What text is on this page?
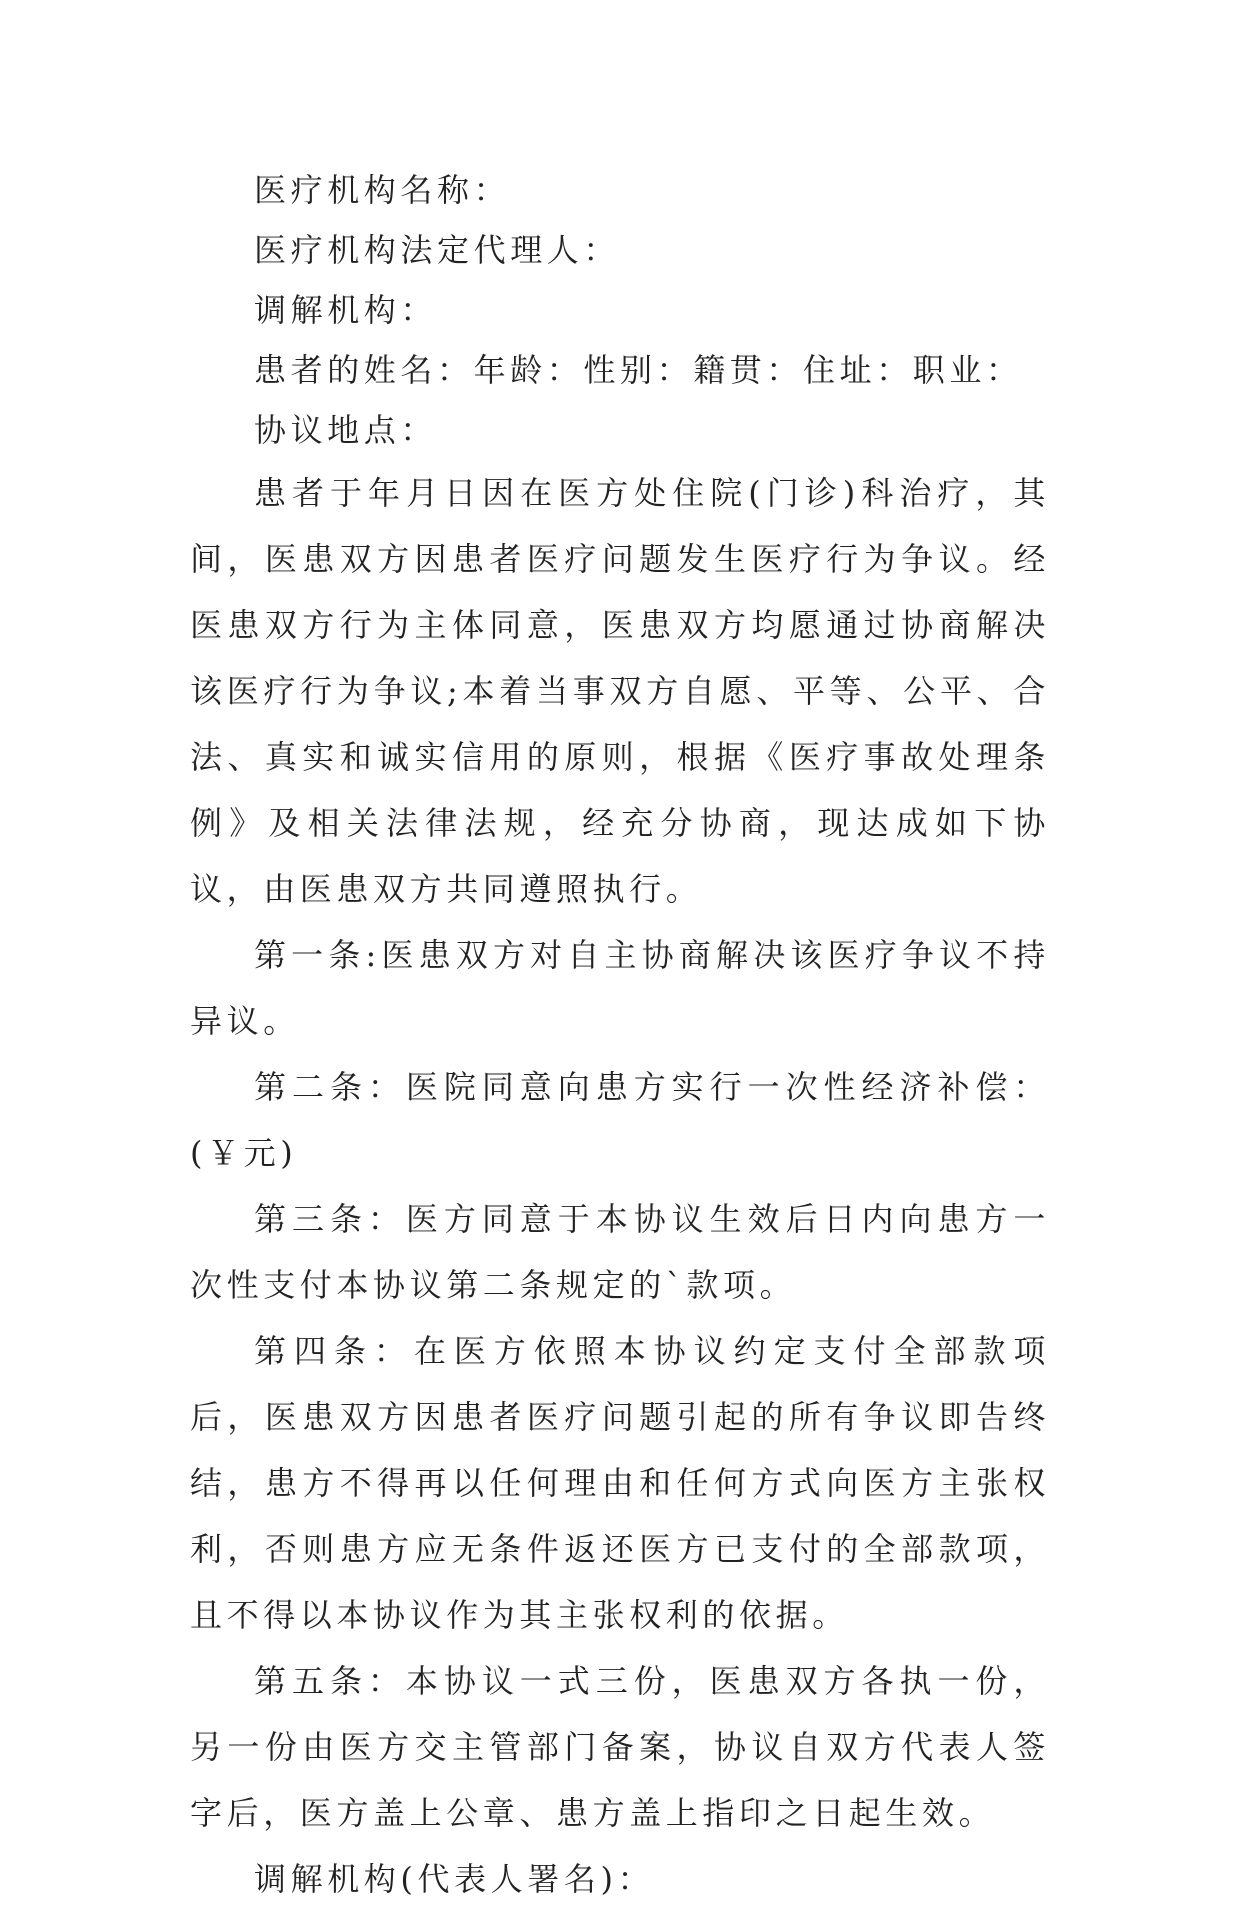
医疗机构名称：

医疗机构法定代理人：

调解机构：

患者的姓名：年龄：性别：籍贯：住址：职业：

协议地点：

患者于年月日因在医方处住院(门诊)科治疗，其间，医患双方因患者医疗问题发生医疗行为争议。经医患双方行为主体同意，医患双方均愿通过协商解决该医疗行为争议;本着当事双方自愿、平等、公平、合法、真实和诚实信用的原则，根据《医疗事故处理条例》及相关法律法规，经充分协商，现达成如下协议，由医患双方共同遵照执行。

第一条:医患双方对自主协商解决该医疗争议不持异议。

第二条：医院同意向患方实行一次性经济补偿：(￥元)

第三条：医方同意于本协议生效后日内向患方一次性支付本协议第二条规定的`款项。

第四条：在医方依照本协议约定支付全部款项后，医患双方因患者医疗问题引起的所有争议即告终结，患方不得再以任何理由和任何方式向医方主张权利，否则患方应无条件返还医方已支付的全部款项，且不得以本协议作为其主张权利的依据。

第五条：本协议一式三份，医患双方各执一份，另一份由医方交主管部门备案，协议自双方代表人签字后，医方盖上公章、患方盖上指印之日起生效。

调解机构(代表人署名)：
